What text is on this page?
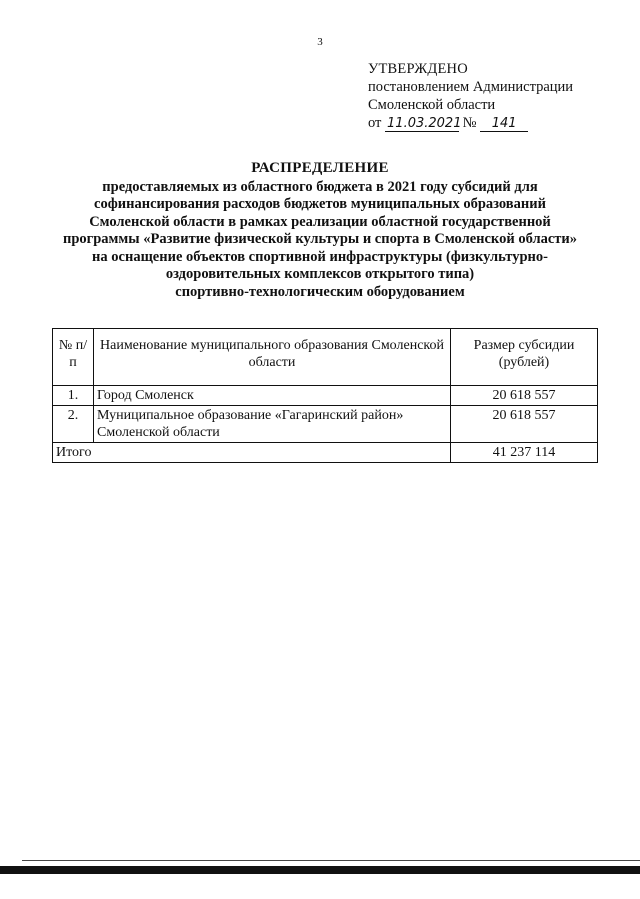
3
УТВЕРЖДЕНО
постановлением Администрации
Смоленской области
от 11.03.2021 № 141
РАСПРЕДЕЛЕНИЕ
предоставляемых из областного бюджета в 2021 году субсидий для
софинансирования расходов бюджетов муниципальных образований
Смоленской области в рамках реализации областной государственной
программы «Развитие физической культуры и спорта в Смоленской области»
на оснащение объектов спортивной инфраструктуры (физкультурно-
оздоровительных комплексов открытого типа)
спортивно-технологическим оборудованием
№ п/п	Наименование муниципального образования Смоленской области	Размер субсидии (рублей)
1.	Город Смоленск	20 618 557
2.	Муниципальное образование «Гагаринский район» Смоленской области	20 618 557
Итого		41 237 114
